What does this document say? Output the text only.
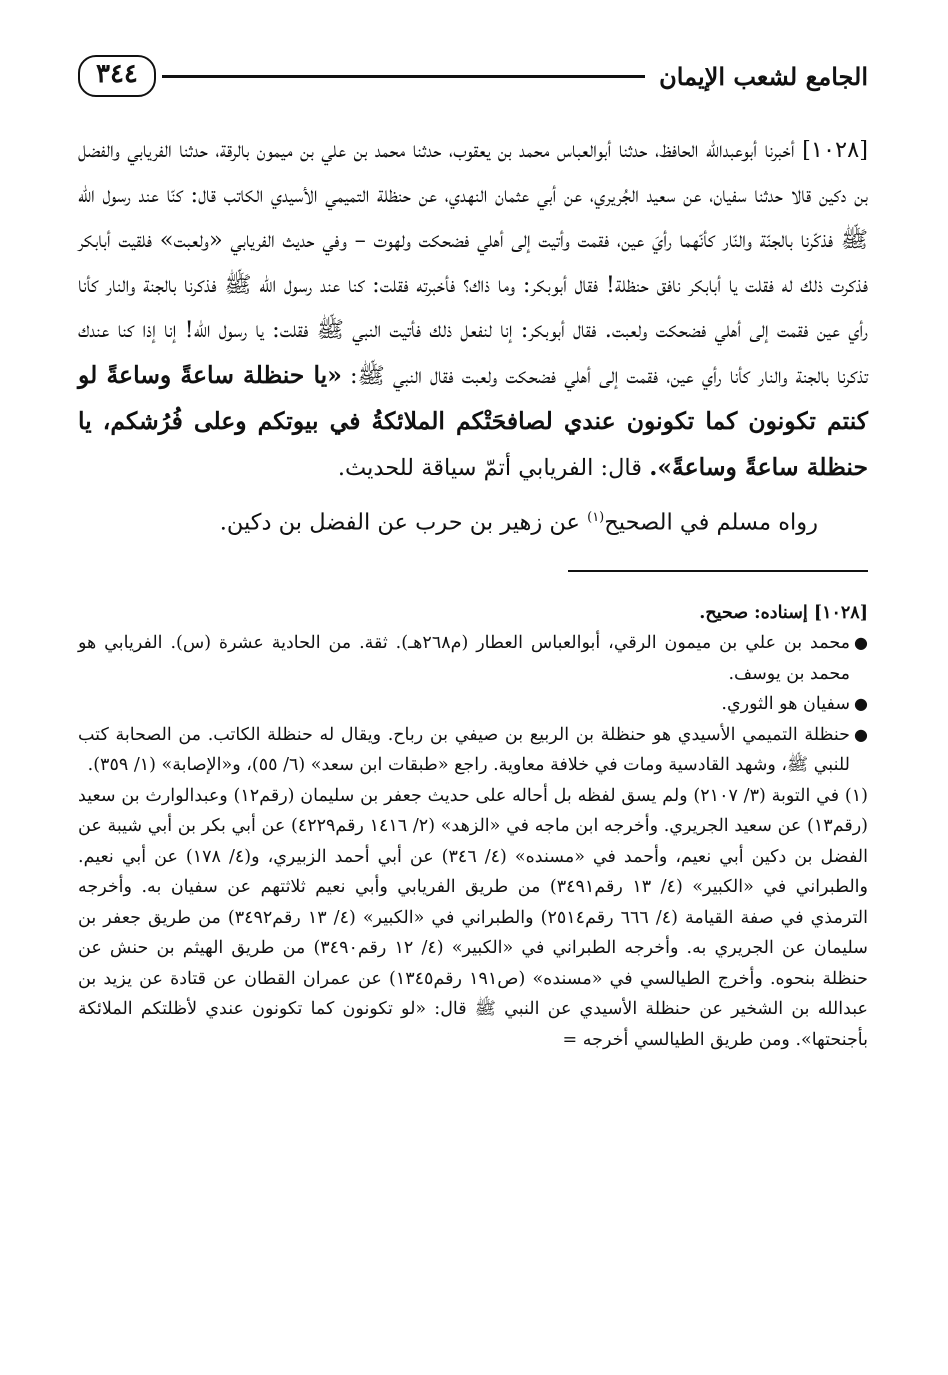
الجامع لشعب الإيمان
٣٤٤

[١٠٢٨] أخبرنا أبوعبدالله الحافظ، حدثنا أبوالعباس محمد بن يعقوب، حدثنا محمد بن علي بن ميمون بالرقة، حدثنا الفريابي والفضل بن دكين قالا حدثنا سفيان، عن سعيد الجُريري، عن أبي عثمان النهدي، عن حنظلة التميمي الأسيدي الكاتب قال: كنّا عند رسول الله ﷺ فذكّرنا بالجنّة والنّار كأنّهما رأيَ عين، فقمت وأتيت إلى أهلي فضحكت ولهوت – وفي حديث الفريابي «ولعبت» فلقيت أبابكر فذكرت ذلك له فقلت يا أبابكر نافق حنظلة! فقال أبوبكر: وما ذاك؟ فأخبرته فقلت: كنا عند رسول الله ﷺ فذكرنا بالجنة والنار كأنا رأي عين فقمت إلى أهلي فضحكت ولعبت. فقال أبوبكر: إنا لنفعل ذلك فأتيت النبي ﷺ فقلت: يا رسول الله! إنا إذا كنا عندك تذكرنا بالجنة والنار كأنا رأي عين، فقمت إلى أهلي فضحكت ولعبت فقال النبي ﷺ: «يا حنظلة ساعةً وساعةً لو كنتم تكونون كما تكونون عندي لصافحَتْكم الملائكةُ في بيوتكم وعلى فُرُشكم، يا حنظلة ساعةً وساعةً». قال: الفريابي أتمّ سياقة للحديث.

رواه مسلم في الصحيح$^{(١)}$ عن زهير بن حرب عن الفضل بن دكين.

[١٠٢٨] إسناده: صحيح.

●
محمد بن علي بن ميمون الرقي، أبوالعباس العطار (م٢٦٨هـ). ثقة. من الحادية عشرة (س). الفريابي هو محمد بن يوسف.
●
سفيان هو الثوري.
●
حنظلة التميمي الأسيدي هو حنظلة بن الربيع بن صيفي بن رباح. ويقال له حنظلة الكاتب. من الصحابة كتب للنبي ﷺ، وشهد القادسية ومات في خلافة معاوية. راجع «طبقات ابن سعد» (٦/ ٥٥)، و«الإصابة» (١/ ٣٥٩).

(١) في التوبة (٣/ ٢١٠٧) ولم يسق لفظه بل أحاله على حديث جعفر بن سليمان (رقم١٢) وعبدالوارث بن سعيد (رقم١٣) عن سعيد الجريري. وأخرجه ابن ماجه في «الزهد» (٢/ ١٤١٦ رقم٤٢٢٩) عن أبي بكر بن أبي شيبة عن الفضل بن دكين أبي نعيم، وأحمد في «مسنده» (٤/ ٣٤٦) عن أبي أحمد الزبيري، و(٤/ ١٧٨) عن أبي نعيم. والطبراني في «الكبير» (٤/ ١٣ رقم٣٤٩١) من طريق الفريابي وأبي نعيم ثلاثتهم عن سفيان به. وأخرجه الترمذي في صفة القيامة (٤/ ٦٦٦ رقم٢٥١٤) والطبراني في «الكبير» (٤/ ١٣ رقم٣٤٩٢) من طريق جعفر بن سليمان عن الجريري به. وأخرجه الطبراني في «الكبير» (٤/ ١٢ رقم٣٤٩٠) من طريق الهيثم بن حنش عن حنظلة بنحوه. وأخرج الطيالسي في «مسنده» (ص١٩١ رقم١٣٤٥) عن عمران القطان عن قتادة عن يزيد بن عبدالله بن الشخير عن حنظلة الأسيدي عن النبي ﷺ قال: «لو تكونون كما تكونون عندي لأظلتكم الملائكة بأجنحتها». ومن طريق الطيالسي أخرجه =
